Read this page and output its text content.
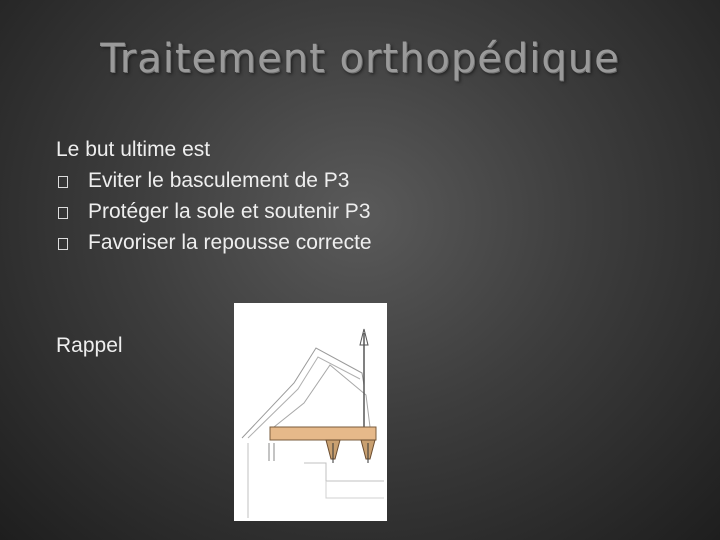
Traitement orthopédique
Le but ultime est
Eviter le basculement de P3
Protéger la sole et soutenir P3
Favoriser la repousse correcte
Rappel
